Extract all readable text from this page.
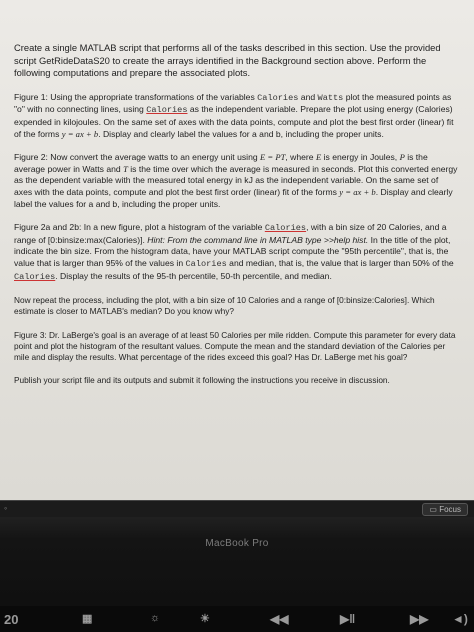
Create a single MATLAB script that performs all of the tasks described in this section. Use the provided script GetRideDataS20 to create the arrays identified in the Background section above. Perform the following computations and prepare the associated plots.

Figure 1: Using the appropriate transformations of the variables Calories and Watts plot the measured points as "o" with no connecting lines, using Calories as the independent variable. Prepare the plot using energy (Calories) expended in kilojoules. On the same set of axes with the data points, compute and plot the best first order (linear) fit of the forms y = ax + b. Display and clearly label the values for a and b, including the proper units.

Figure 2: Now convert the average watts to an energy unit using E = PT, where E is energy in Joules, P is the average power in Watts and T is the time over which the average is measured in seconds. Plot this converted energy as the dependent variable with the measured total energy in kJ as the independent variable. On the same set of axes with the data points, compute and plot the best first order (linear) fit of the forms y = ax + b. Display and clearly label the values for a and b, including the proper units.

Figure 2a and 2b: In a new figure, plot a histogram of the variable Calories, with a bin size of 20 Calories, and a range of [0:binsize:max(Calories)]. Hint: From the command line in MATLAB type >>help hist. In the title of the plot, indicate the bin size. From the histogram data, have your MATLAB script compute the "95th percentile", that is, the value that is larger than 95% of the values in Calories and median, that is, the value that is larger than 50% of the Calories. Display the results of the 95-th percentile, 50-th percentile, and median.

Now repeat the process, including the plot, with a bin size of 10 Calories and a range of [0:binsize:Calories]. Which estimate is closer to MATLAB's median? Do you know why?

Figure 3: Dr. LaBerge's goal is an average of at least 50 Calories per mile ridden. Compute this parameter for every data point and plot the histogram of the resultant values. Compute the mean and the standard deviation of the Calories per mile and display the results. What percentage of the rides exceed this goal? Has Dr. LaBerge met his goal?

Publish your script file and its outputs and submit it following the instructions you receive in discussion.

◦	▭ Focus
MacBook Pro
20	▦	☼	☀	◀◀	▶‖	▶▶ ◄)
